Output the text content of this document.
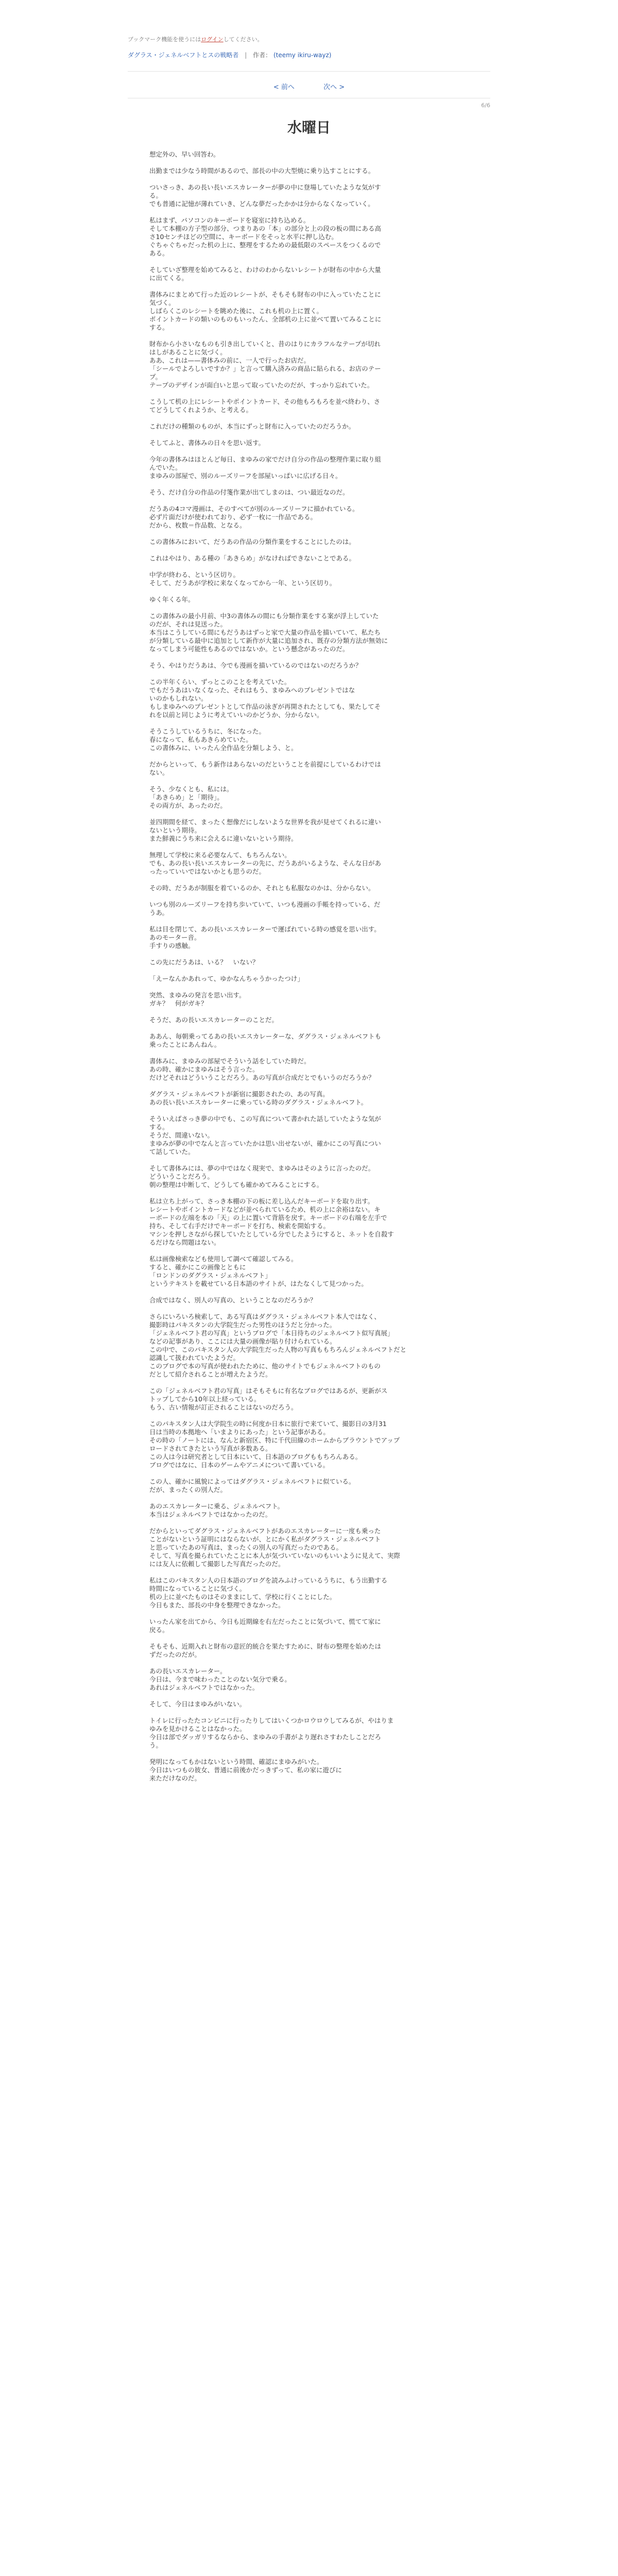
ブックマーク機能を使うにはログインしてください。
ダグラス・ジェネルベフトとスの戦略者 | 作者： (teemy ikiru-wayz)
< 前へ	次へ >
6/6
水曜日

想定外の、早い回答わ。

出勤までは少なう時間があるので、部長の中の大型焼に乗り込すことにする。

ついさっき、あの長い長いエスカレーターが夢の中に登場していたような気がす
る。
でも普通に記憶が薄れていき、どんな夢だったかかは分からなくなっていく。

私はまず、パソコンのキーボードを寝室に持ち込める。
そして本棚の方子型の部分、つまりあの「本」の部分と上の段の板の間にある高
さ10センチほどの空間に、キーボードをそっと水平に押し込む。
ぐちゃぐちゃだった机の上に、整理をするための最低限のスペースをつくるので
ある。

そしていざ整理を始めてみると、わけのわからないレシートが財布の中から大量
に出てくる。

書体みにまとめて行った近のレシートが、そもそも財布の中に入っていたことに
気づく。
しばらくこのレシートを眺めた後に、これも机の上に置く。
ポイントカードの類いのものもいったん、全部机の上に並べて置いてみることに
する。

財布から小さいなものも引き出していくと、昔のはりにカラフルなテープが切れ
はしがあることに気づく。
ああ、これは——書体みの前に、一人で行ったお店だ。
「シールでよろしいですか？」と言って購入済みの商品に貼られる、お店のテー
プ。
テープのデザインが面白いと思って取っていたのだが、すっかり忘れていた。

こうして机の上にレシートやポイントカード、その他もろもろを並べ終わり、さ
てどうしてくれようか、と考える。

これだけの種類のものが、本当にずっと財布に入っていたのだろうか。

そしてふと、書体みの日々を思い返す。

今年の書体みはほとんど毎日、まゆみの家でだけ自分の作品の整理作業に取り組
んでいた。
まゆみの部屋で、別のルーズリーフを部屋いっぱいに広げる日々。

そう、だけ自分の作品の付箋作業が出てしまのは、つい最近なのだ。

だうあの4コマ漫画は、そのすべてが別のルーズリーフに描かれている。
必ず片面だけが使われており、必ず一枚に一作品である。
だから、枚数＝作品数、となる。

この書体みにおいて、だうあの作品の分類作業をすることにしたのは。

これはやはり、ある種の「あきらめ」がなければできないことである。

中学が終わる、という区切り。
そして、だうあが学校に来なくなってから一年、という区切り。

ゆく年くる年。

この書体みの最小月前、中3の書体みの間にも分類作業をする案が浮上していた
のだが、それは見送った。
本当はこうしている間にもだうあはずっと家で大量の作品を描いていて、私たち
が分類している最中に追加として新作が大量に追加され、既存の分類方法が無効に
なってしまう可能性もあるのではないか。という懸念があったのだ。

そう、やはりだうあは、今でも漫画を描いているのではないのだろうか？

この半年くらい、ずっとこのことを考えていた。
でもだうあはいなくなった、それはもう、まゆみへのプレゼントではな
いのかもしれない。
もしまゆみへのプレゼントとして作品の泳ぎが再開されたとしても、果たしてそ
れを以前と同じように考えていいのかどうか、分からない。

そうこうしているうちに、冬になった。
春になって、私もあきらめていた。
この書体みに、いったん全作品を分類しよう、と。

だからといって、もう新作はあらないのだということを前提にしているわけでは
ない。

そう、少なくとも、私には。
「あきらめ」と「期待」。
その両方が、あったのだ。

並四期間を経て、まったく想像だにしないような世界を我が見せてくれるに違い
ないという期待。
また鮮義にうち来に会えるに違いないという期待。

無理して学校に来る必要なんて、もちろんない。
でも、あの長い長いエスカレーターの先に、だうあがいるような、そんな日があ
ったっていいではないかとも思うのだ。

その時、だうあが制服を着ているのか、それとも私服なのかは、分からない。

いつも別のルーズリーフを持ち歩いていて、いつも漫画の手帳を持っている、だ
うあ。

私は目を閉じて、あの長いエスカレーターで運ばれている時の感覚を思い出す。
あのモーター音。
手すりの感触。

この先にだうあは、いる？　いない？

「えーなんかあれって、ゆかなんちゃうかったつけ」

突然、まゆみの発言を思い出す。
ガキ？　何がガキ？

そうだ、あの長いエスカレーターのことだ。

ああん、毎朝乗ってるあの長いエスカレーターな、ダグラス・ジェネルベフトも
乗ったことにあんねん。

書体みに、まゆみの部屋でそういう話をしていた時だ。
あの時、確かにまゆみはそう言った。
だけどそれはどういうことだろう。あの写真が合成だとでもいうのだろうか？

ダグラス・ジェネルベフトが新宿に撮影されたの、あの写真。
あの長い長いエスカレーターに乗っている時のダグラス・ジェネルベフト。

そういえばさっき夢の中でも、この写真について書かれた話していたような気が
する。
そうだ、間違いない。
まゆみが夢の中でなんと言っていたかは思い出せないが、確かにこの写真につい
て話していた。

そして書体みには、夢の中ではなく現実で、まゆみはそのように言ったのだ。
どういうことだろう。
朝の整理は中断して、どうしても確かめてみることにする。

私は立ち上がって、さっき本棚の下の板に差し込んだキーボードを取り出す。
レシートやポイントカードなどが並べられているため、机の上に余裕はない。キ
ーボードの左端を本の「天」の上に置いて背筋を戻す。キーボードの右端を左手で
持ち、そして右手だけでキーボードを打ち、検索を開始する。
マシンを押しさながら探していたとしている分でしたようにすると、ネットを自殺す
るだけなら問題はない。

私は画像検索なども使用して調べて確認してみる。
すると、確かにこの画像とともに
「ロンドンのダグラス・ジェネルベフト」
というテキストを載せている日本語のサイトが、はたなくして見つかった。

合成ではなく、別人の写真の、ということなのだろうか？

さらにいろいろ検索して、ある写真はダグラス・ジェネルベフト本人ではなく、
撮影時はパキスタンの大学院生だった男性のほうだと分かった。
「ジェネルベフト君の写真」というブログで「本日待ちのジェネルベフト似写真展」
などの記事があり、ここには大量の画像が貼り付けられている。
この中で、このパキスタン人の大学院生だった人物の写真ももちろんジェネルベフトだと
認識して扱われていたようだ。
このブログで本の写真が使われたために、他のサイトでもジェネルベフトのもの
だとして紹介されることが増えたようだ。

この「ジェネルベフト君の写真」はそもそもに有名なブログではあるが、更新がス
トップしてから10年以上経っている。
もう、古い情報が訂正されることはないのだろう。

このパキスタン人は大学院生の時に何度か日本に旅行で来ていて、撮影日の3月31
日は当時の本拠地へ「いまよりにあった」という記事がある。
その時の「ノートには、なんと新宿区、特に千代田線のホームからブラウントでアップ
ロードされてきたという写真が多数ある。
この人は今は研究者として日本にいて、日本語のブログももちろんある。
ブログではなに、日本のゲームやアニメについて書いている。

この人、確かに風貌によってはダグラス・ジェネルベフトに似ている。
だが、まったくの別人だ。

あのエスカレーターに乗る、ジェネルベフト。
本当はジェネルベフトではなかったのだ。

だからといってダグラス・ジェネルベフトがあのエスカレーターに一度も乗った
ことがないという証明にはならないが、とにかく私がダグラス・ジェネルベフト
と思っていたあの写真は、まったくの別人の写真だったのである。
そして、写真を撮られていたことに本人が気づいていないのもいいように見えて、実際
には友人に依頼して撮影した写真だったのだ。

私はこのパキスタン人の日本語のブログを読みふけっているうちに、もう出勤する
時間になっていることに気づく。
机の上に並べたものはそのままにして、学校に行くことにした。
今日もまた、部長の中身を整理できなかった。

いったん家を出てから、今日も近期線を右左だったことに気づいて、慌てて家に
戻る。

そもそも、近期入れと財布の意匠的統合を果たすために、財布の整理を始めたは
ずだったのだが。

あの長いエスカレーター。
今日は、今まで味わったことのない気分で乗る。
あれはジェネルベフトではなかった。

そして、今日はまゆみがいない。

トイレに行ったたコンビニに行ったりしてはいくつかロウロウしてみるが、やはりま
ゆみを見かけることはなかった。
今日は部でダッガリするならから、まゆみの手書がより遅れさすわたしことだろ
う。

発明になってもかはないという時間、確認にまゆみがいた。
今日はいつもの彼女、普通に前後かだっきずって、私の家に遊びに
来ただけなのだ。
